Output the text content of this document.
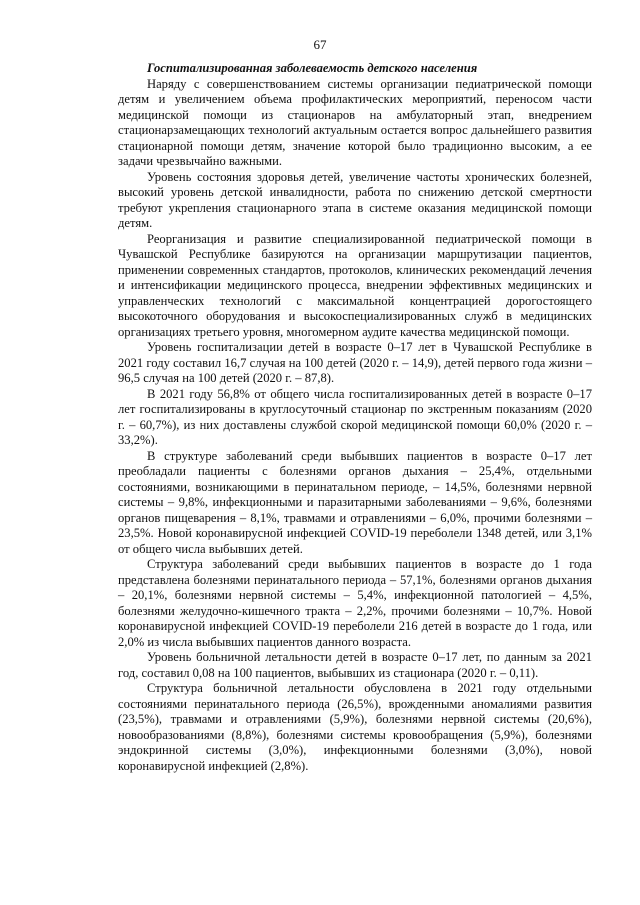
67

Госпитализированная заболеваемость детского населения

Наряду с совершенствованием системы организации педиатрической помощи детям и увеличением объема профилактических мероприятий, переносом части медицинской помощи из стационаров на амбулаторный этап, внедрением стационарзамещающих технологий актуальным остается вопрос дальнейшего развития стационарной помощи детям, значение которой было традиционно высоким, а ее задачи чрезвычайно важными.

Уровень состояния здоровья детей, увеличение частоты хронических болезней, высокий уровень детской инвалидности, работа по снижению детской смертности требуют укрепления стационарного этапа в системе оказания медицинской помощи детям.

Реорганизация и развитие специализированной педиатрической помощи в Чувашской Республике базируются на организации маршрутизации пациентов, применении современных стандартов, протоколов, клинических рекомендаций лечения и интенсификации медицинского процесса, внедрении эффективных медицинских и управленческих технологий с максимальной концентрацией дорогостоящего высокоточного оборудования и высокоспециализированных служб в медицинских организациях третьего уровня, многомерном аудите качества медицинской помощи.

Уровень госпитализации детей в возрасте 0–17 лет в Чувашской Республике в 2021 году составил 16,7 случая на 100 детей (2020 г. – 14,9), детей первого года жизни – 96,5 случая на 100 детей (2020 г. – 87,8).

В 2021 году 56,8% от общего числа госпитализированных детей в возрасте 0–17 лет госпитализированы в круглосуточный стационар по экстренным показаниям (2020 г. – 60,7%), из них доставлены службой скорой медицинской помощи 60,0% (2020 г. – 33,2%).

В структуре заболеваний среди выбывших пациентов в возрасте 0–17 лет преобладали пациенты с болезнями органов дыхания – 25,4%, отдельными состояниями, возникающими в перинатальном периоде, – 14,5%, болезнями нервной системы – 9,8%, инфекционными и паразитарными заболеваниями – 9,6%, болезнями органов пищеварения – 8,1%, травмами и отравлениями – 6,0%, прочими болезнями – 23,5%. Новой коронавирусной инфекцией COVID-19 переболели 1348 детей, или 3,1% от общего числа выбывших детей.

Структура заболеваний среди выбывших пациентов в возрасте до 1 года представлена болезнями перинатального периода – 57,1%, болезнями органов дыхания – 20,1%, болезнями нервной системы – 5,4%, инфекционной патологией – 4,5%, болезнями желудочно-кишечного тракта – 2,2%, прочими болезнями – 10,7%. Новой коронавирусной инфекцией COVID-19 переболели 216 детей в возрасте до 1 года, или 2,0% из числа выбывших пациентов данного возраста.

Уровень больничной летальности детей в возрасте 0–17 лет, по данным за 2021 год, составил 0,08 на 100 пациентов, выбывших из стационара (2020 г. – 0,11).

Структура больничной летальности обусловлена в 2021 году отдельными состояниями перинатального периода (26,5%), врожденными аномалиями развития (23,5%), травмами и отравлениями (5,9%), болезнями нервной системы (20,6%), новообразованиями (8,8%), болезнями системы кровообращения (5,9%), болезнями эндокринной системы (3,0%), инфекционными болезнями (3,0%), новой коронавирусной инфекцией (2,8%).
